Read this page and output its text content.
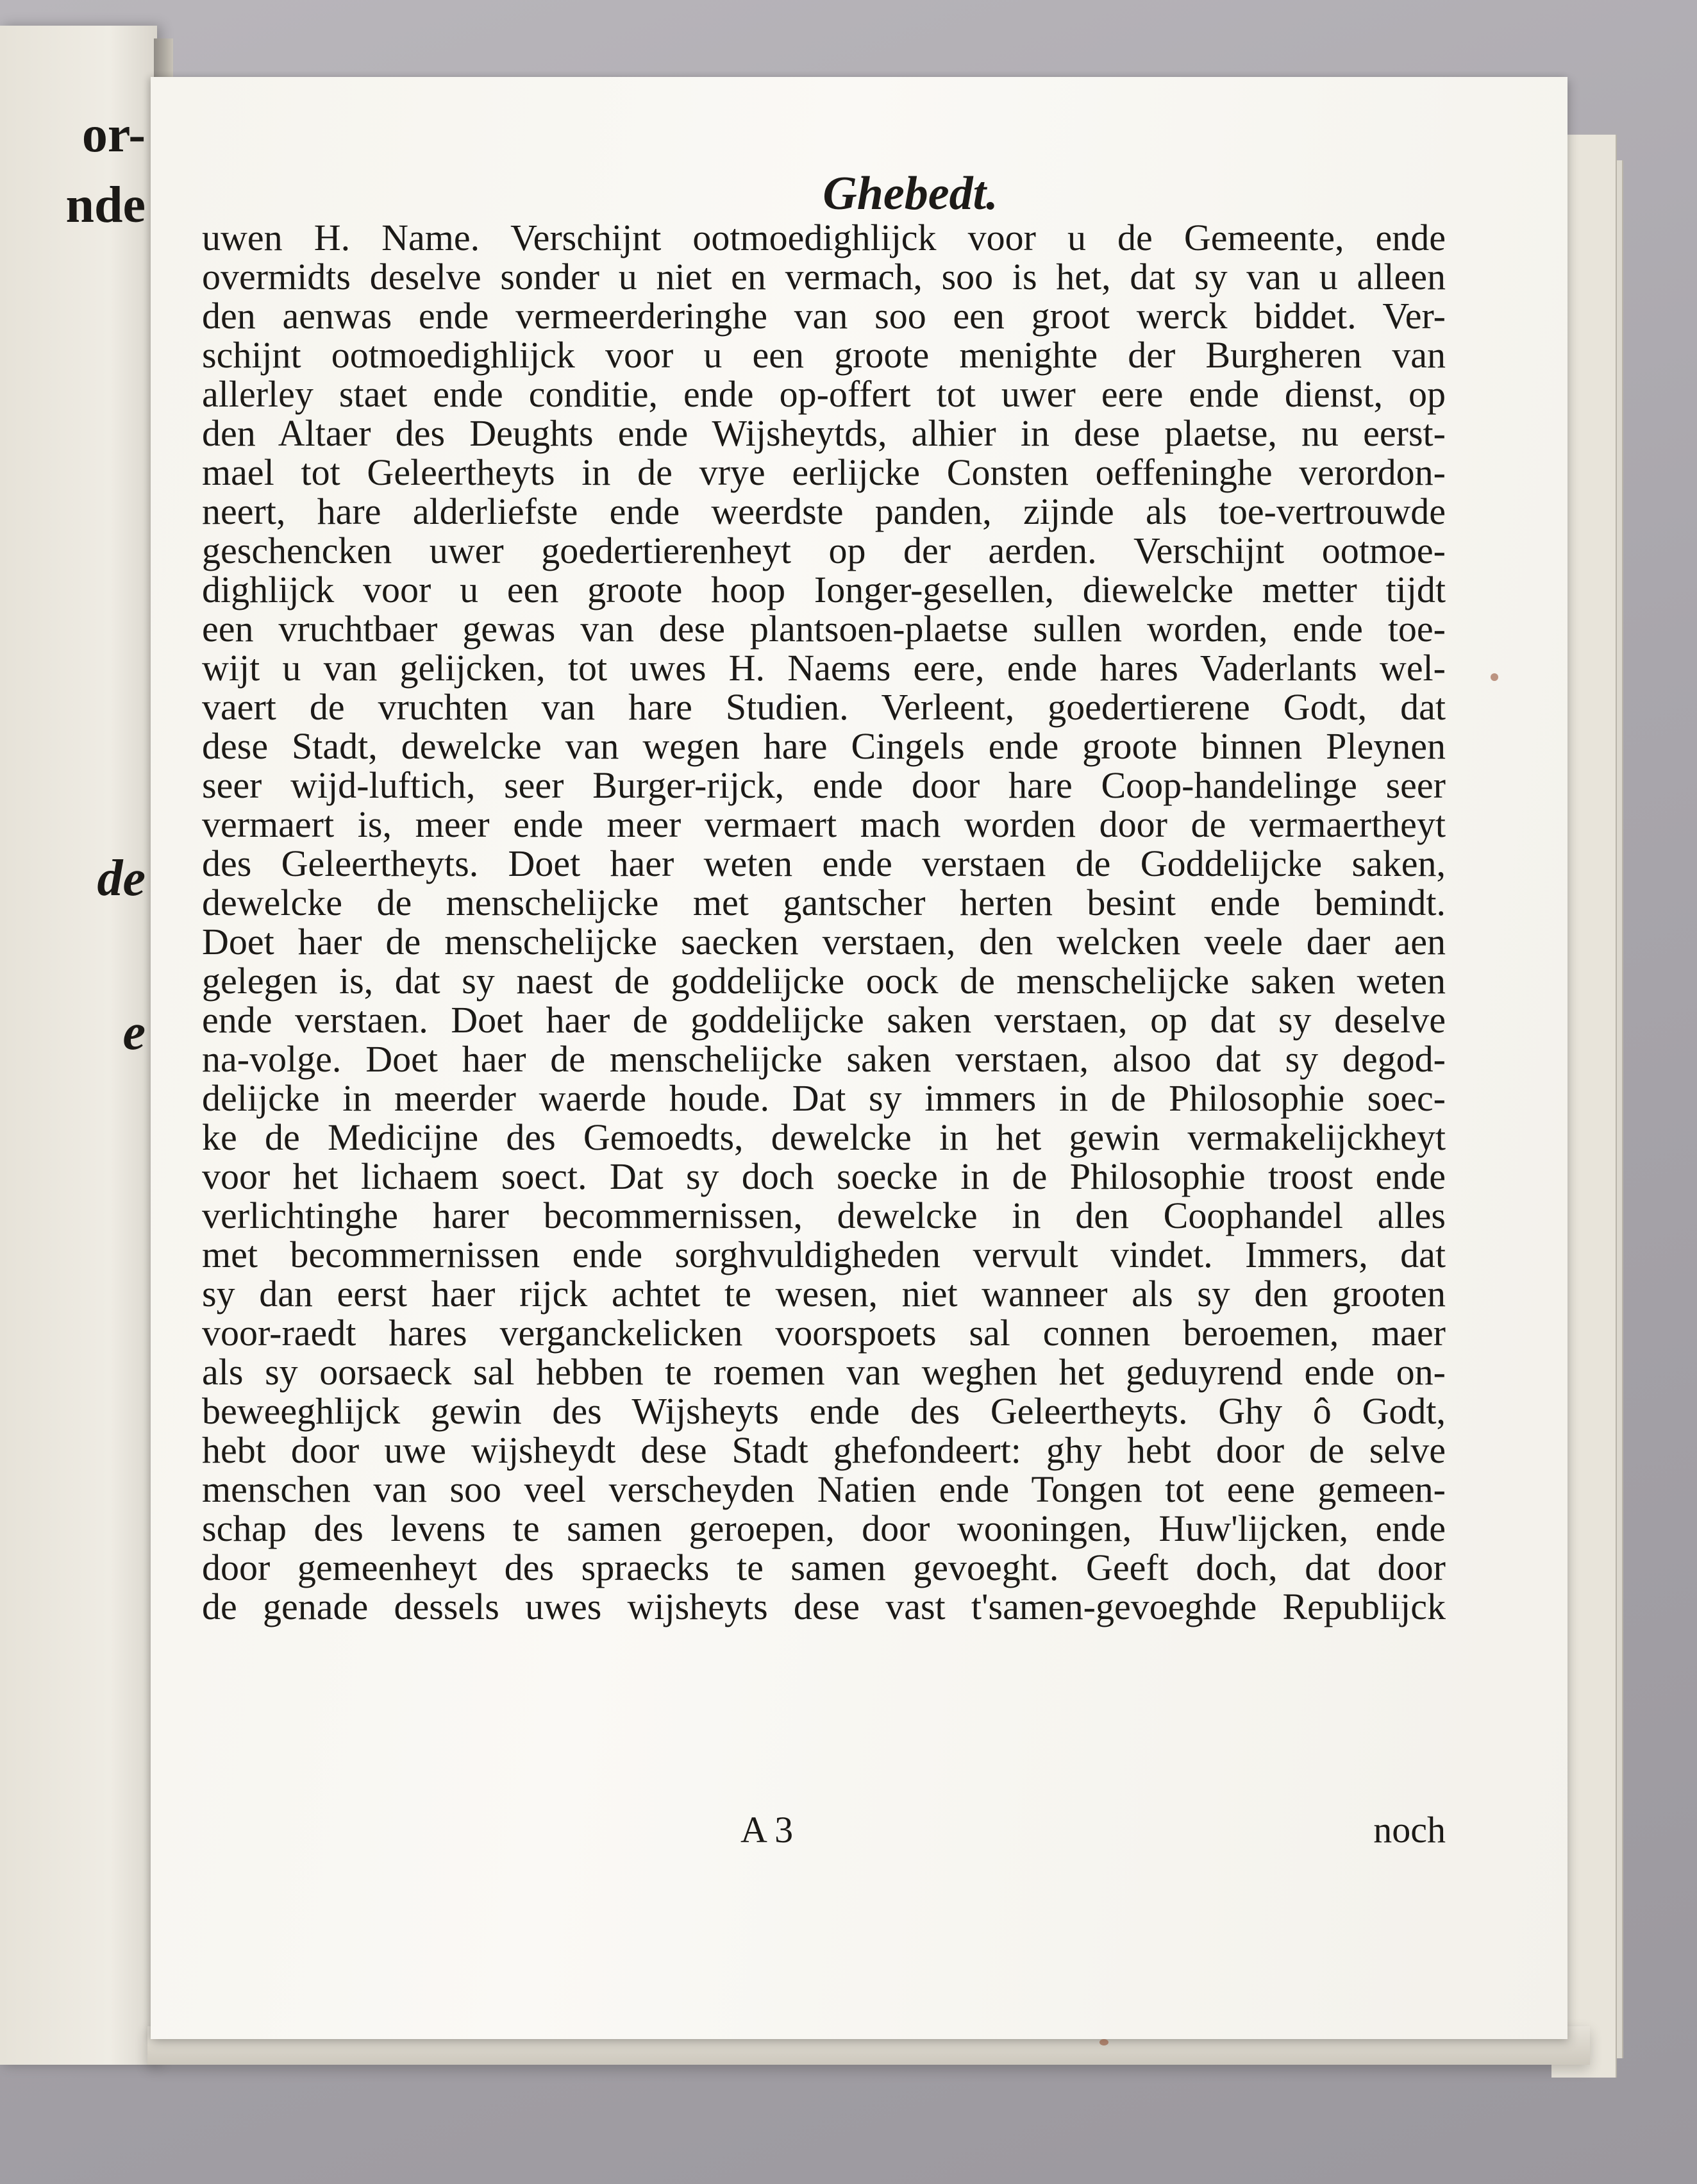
or-
nde
de
e
Ghebedt.
uwen H. Name. Verschijnt ootmoedighlijck voor u de Gemeente, ende
overmidts deselve sonder u niet en vermach, soo is het, dat sy van u alleen
den aenwas ende vermeerderinghe van soo een groot werck biddet. Ver-
schijnt ootmoedighlijck voor u een groote menighte der Burgheren van
allerley staet ende conditie, ende op-offert tot uwer eere ende dienst, op
den Altaer des Deughts ende Wijsheytds, alhier in dese plaetse, nu eerst-
mael tot Geleertheyts in de vrye eerlijcke Consten oeffeninghe verordon-
neert, hare alderliefste ende weerdste panden, zijnde als toe-vertrouwde
geschencken uwer goedertierenheyt op der aerden. Verschijnt ootmoe-
dighlijck voor u een groote hoop Ionger-gesellen, diewelcke metter tijdt
een vruchtbaer gewas van dese plantsoen-plaetse sullen worden, ende toe-
wijt u van gelijcken, tot uwes H. Naems eere, ende hares Vaderlants wel-
vaert de vruchten van hare Studien. Verleent, goedertierene Godt, dat
dese Stadt, dewelcke van wegen hare Cingels ende groote binnen Pleynen
seer wijd-luftich, seer Burger-rijck, ende door hare Coop-handelinge seer
vermaert is, meer ende meer vermaert mach worden door de vermaertheyt
des Geleertheyts. Doet haer weten ende verstaen de Goddelijcke saken,
dewelcke de menschelijcke met gantscher herten besint ende bemindt.
Doet haer de menschelijcke saecken verstaen, den welcken veele daer aen
gelegen is, dat sy naest de goddelijcke oock de menschelijcke saken weten
ende verstaen. Doet haer de goddelijcke saken verstaen, op dat sy deselve
na-volge. Doet haer de menschelijcke saken verstaen, alsoo dat sy degod-
delijcke in meerder waerde houde. Dat sy immers in de Philosophie soec-
ke de Medicijne des Gemoedts, dewelcke in het gewin vermakelijckheyt
voor het lichaem soect. Dat sy doch soecke in de Philosophie troost ende
verlichtinghe harer becommernissen, dewelcke in den Coophandel alles
met becommernissen ende sorghvuldigheden vervult vindet. Immers, dat
sy dan eerst haer rijck achtet te wesen, niet wanneer als sy den grooten
voor-raedt hares verganckelicken voorspoets sal connen beroemen, maer
als sy oorsaeck sal hebben te roemen van weghen het geduyrend ende on-
beweeghlijck gewin des Wijsheyts ende des Geleertheyts. Ghy ô Godt,
hebt door uwe wijsheydt dese Stadt ghefondeert: ghy hebt door de selve
menschen van soo veel verscheyden Natien ende Tongen tot eene gemeen-
schap des levens te samen geroepen, door wooningen, Huw'lijcken, ende
door gemeenheyt des spraecks te samen gevoeght. Geeft doch, dat door
de genade dessels uwes wijsheyts dese vast t'samen-gevoeghde Republijck
A 3	noch
